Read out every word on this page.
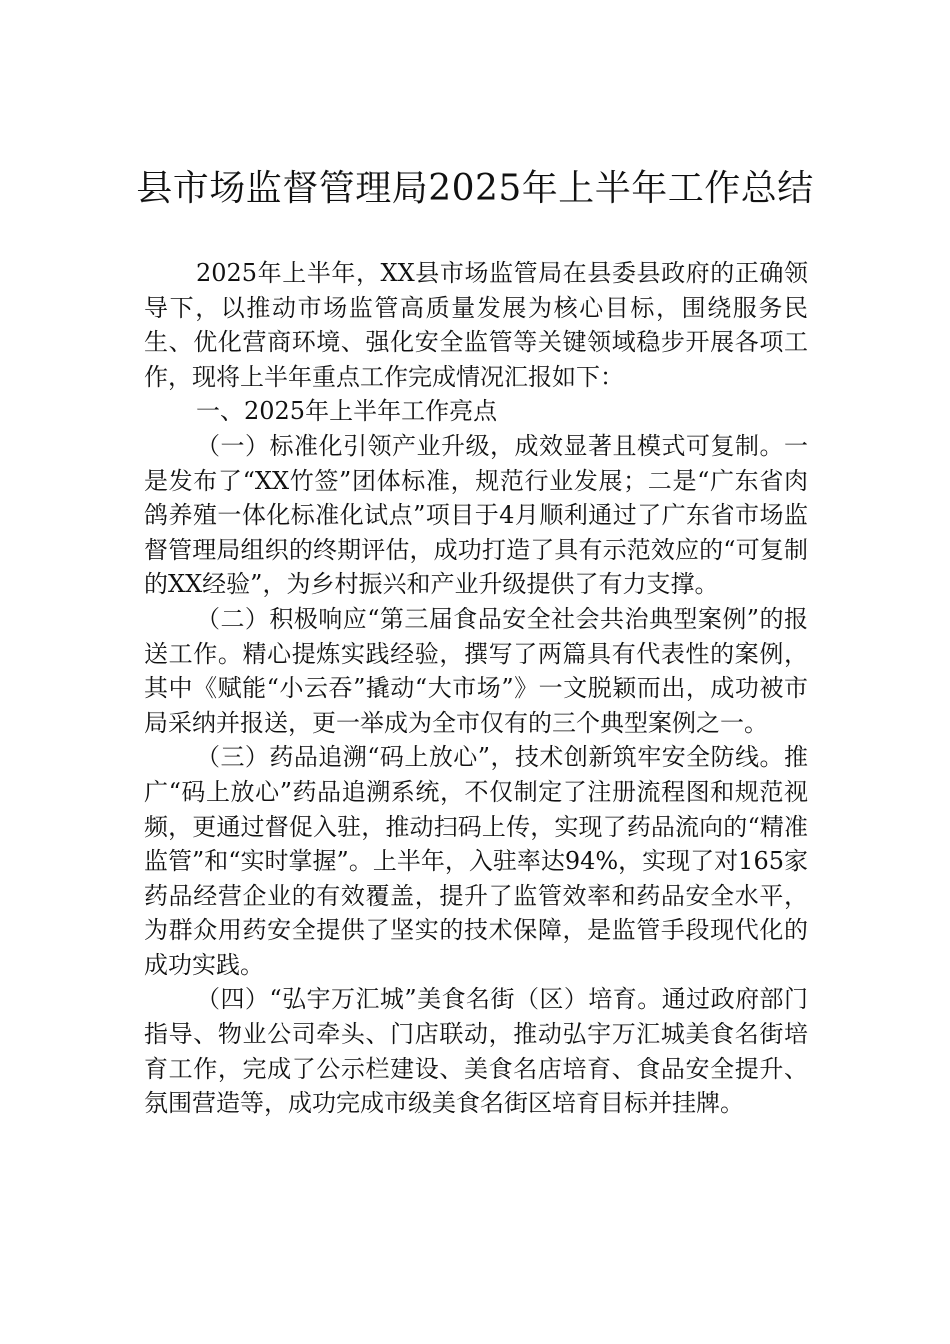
县市场监督管理局2025年上半年工作总结

2025年上半年，XX县市场监管局在县委县政府的正确领导下，以推动市场监管高质量发展为核心目标，围绕服务民生、优化营商环境、强化安全监管等关键领域稳步开展各项工作，现将上半年重点工作完成情况汇报如下：

一、2025年上半年工作亮点

（一）标准化引领产业升级，成效显著且模式可复制。一是发布了“XX竹签”团体标准，规范行业发展；二是“广东省肉鸽养殖一体化标准化试点”项目于4月顺利通过了广东省市场监督管理局组织的终期评估，成功打造了具有示范效应的“可复制的XX经验”，为乡村振兴和产业升级提供了有力支撑。

（二）积极响应“第三届食品安全社会共治典型案例”的报送工作。精心提炼实践经验，撰写了两篇具有代表性的案例，其中《赋能“小云吞”撬动“大市场”》一文脱颖而出，成功被市局采纳并报送，更一举成为全市仅有的三个典型案例之一。

（三）药品追溯“码上放心”，技术创新筑牢安全防线。推广“码上放心”药品追溯系统，不仅制定了注册流程图和规范视频，更通过督促入驻，推动扫码上传，实现了药品流向的“精准监管”和“实时掌握”。上半年，入驻率达94%，实现了对165家药品经营企业的有效覆盖，提升了监管效率和药品安全水平，为群众用药安全提供了坚实的技术保障，是监管手段现代化的成功实践。

（四）“弘宇万汇城”美食名街（区）培育。通过政府部门指导、物业公司牵头、门店联动，推动弘宇万汇城美食名街培育工作，完成了公示栏建设、美食名店培育、食品安全提升、氛围营造等，成功完成市级美食名街区培育目标并挂牌。
